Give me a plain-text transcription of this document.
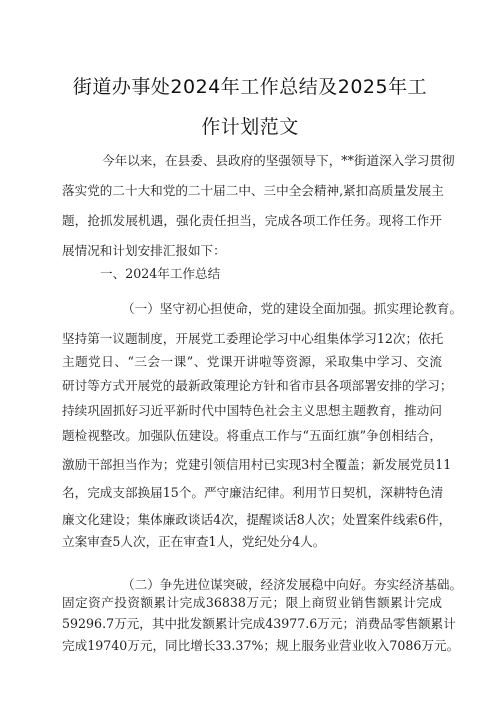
街道办事处2024年工作总结及2025年工
作计划范文
今年以来，在县委、县政府的坚强领导下，**街道深入学习贯彻
落实党的二十大和党的二十届二中、三中全会精神,紧扣高质量发展主
题，抢抓发展机遇，强化责任担当，完成各项工作任务。现将工作开
展情况和计划安排汇报如下：
一、2024年工作总结
（一）坚守初心担使命，党的建设全面加强。抓实理论教育。
坚持第一议题制度，开展党工委理论学习中心组集体学习12次；依托
主题党日、“三会一课”、党课开讲啦等资源，采取集中学习、交流
研讨等方式开展党的最新政策理论方针和省市县各项部署安排的学习；
持续巩固抓好习近平新时代中国特色社会主义思想主题教育，推动问
题检视整改。加强队伍建设。将重点工作与“五面红旗”争创相结合，
激励干部担当作为；党建引领信用村已实现3村全覆盖；新发展党员11
名，完成支部换届15个。严守廉洁纪律。利用节日契机，深耕特色清
廉文化建设；集体廉政谈话4次，提醒谈话8人次；处置案件线索6件，
立案审查5人次，正在审查1人，党纪处分4人。
（二）争先进位谋突破，经济发展稳中向好。夯实经济基础。
固定资产投资额累计完成36838万元；限上商贸业销售额累计完成
59296.7万元，其中批发额累计完成43977.6万元；消费品零售额累计
完成19740万元，同比增长33.37%；规上服务业营业收入7086万元。
